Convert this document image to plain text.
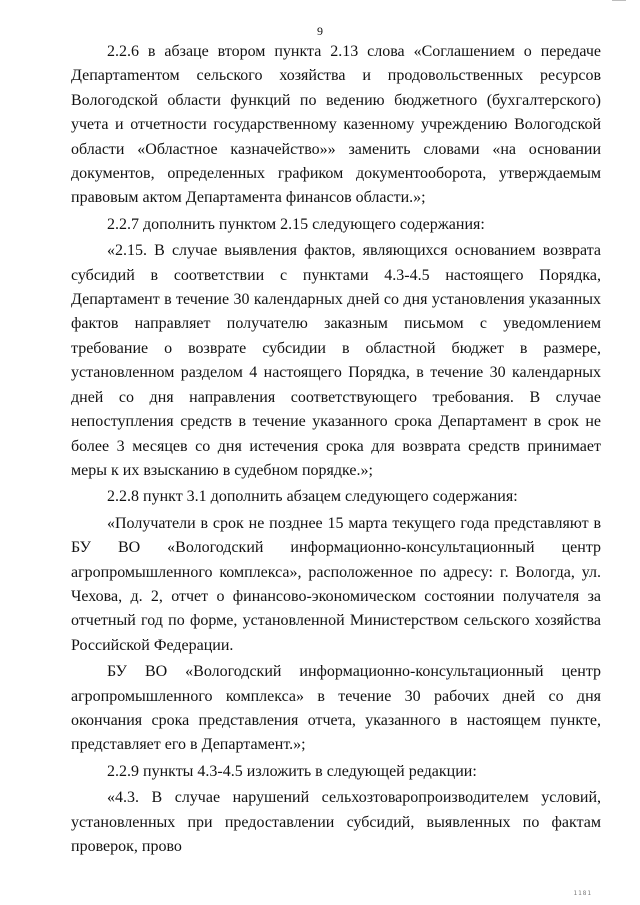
9

2.2.6 в абзаце втором пункта 2.13 слова «Соглашением о передаче Департаmентом сельского хозяйства и продовольственных ресурсов Вологодской области функций по ведению бюджетного (бухгалтерского) учета и отчетности государственному казенному учреждению Вологодской области «Областное казначейство»» заменить словами «на основании документов, определенных графиком документооборота, утверждаемым правовым актом Департамента финансов области.»;

2.2.7 дополнить пунктом 2.15 следующего содержания:

«2.15. В случае выявления фактов, являющихся основанием возврата субсидий в соответствии с пунктами 4.3-4.5 настоящего Порядка, Департамент в течение 30 календарных дней со дня установления указанных фактов направляет получателю заказным письмом с уведомлением требование о возврате субсидии в областной бюджет в размере, установленном разделом 4 настоящего Порядка, в течение 30 календарных дней со дня направления соответствующего требования. В случае непоступления средств в течение указанного срока Департамент в срок не более 3 месяцев со дня истечения срока для возврата средств принимает меры к их взысканию в судебном порядке.»;

2.2.8 пункт 3.1 дополнить абзацем следующего содержания:

«Получатели в срок не позднее 15 марта текущего года представляют в БУ ВО «Вологодский информационно-консультационный центр агропромышленного комплекса», расположенное по адресу: г. Вологда, ул. Чехова, д. 2, отчет о финансово-экономическом состоянии получателя за отчетный год по форме, установленной Министерством сельского хозяйства Российской Федерации.

БУ ВО «Вологодский информационно-консультационный центр агропромышленного комплекса» в течение 30 рабочих дней со дня окончания срока представления отчета, указанного в настоящем пункте, представляет его в Департамент.»;

2.2.9 пункты 4.3-4.5 изложить в следующей редакции:

«4.3. В случае нарушений сельхозтоваропроизводителем условий, установленных при предоставлении субсидий, выявленных по фактам проверок, прово

1181
